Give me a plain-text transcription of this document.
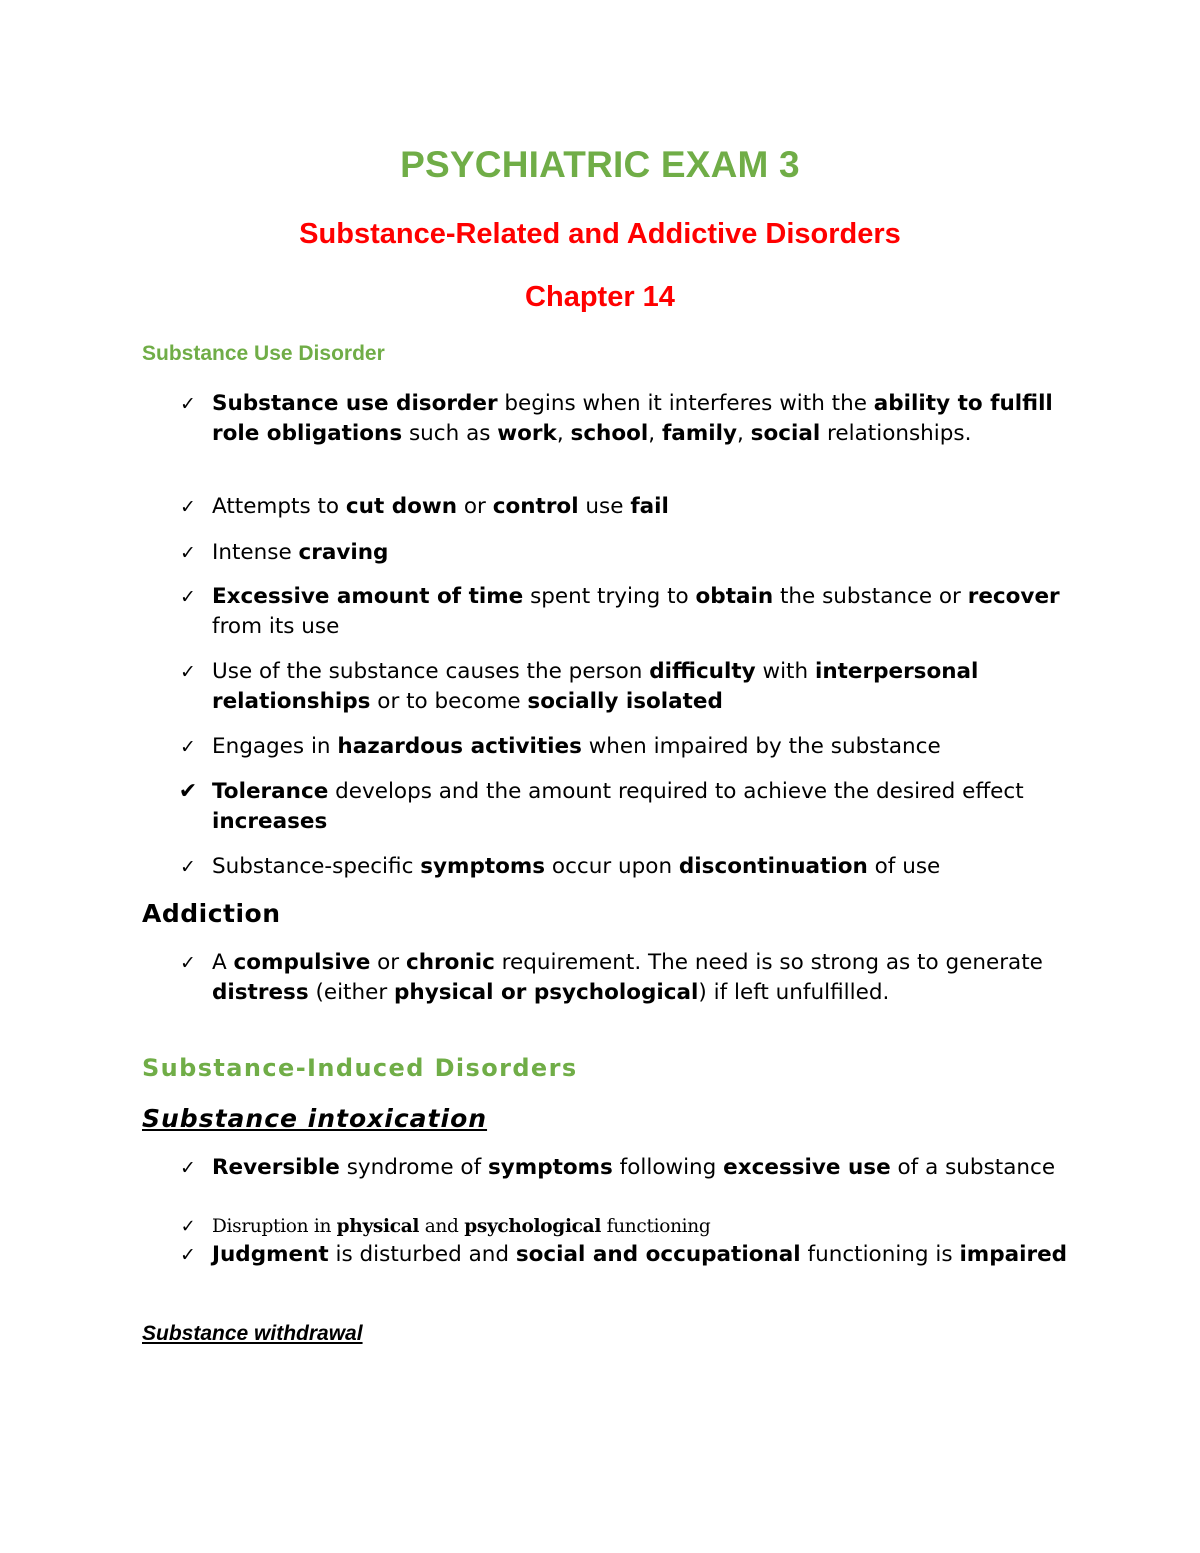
PSYCHIATRIC EXAM 3
Substance-Related and Addictive Disorders
Chapter 14
Substance Use Disorder

✓ Substance use disorder begins when it interferes with the ability to fulfill role obligations such as work, school, family, social relationships.

✓ Attempts to cut down or control use fail

✓ Intense craving

✓ Excessive amount of time spent trying to obtain the substance or recover from its use

✓ Use of the substance causes the person difficulty with interpersonal relationships or to become socially isolated

✓ Engages in hazardous activities when impaired by the substance

✔ Tolerance develops and the amount required to achieve the desired effect increases

✓ Substance-specific symptoms occur upon discontinuation of use

Addiction

✓ A compulsive or chronic requirement. The need is so strong as to generate distress (either physical or psychological) if left unfulfilled.

Substance-Induced Disorders
Substance intoxication

✓ Reversible syndrome of symptoms following excessive use of a substance

✓ Disruption in physical and psychological functioning

✓ Judgment is disturbed and social and occupational functioning is impaired

Substance withdrawal
